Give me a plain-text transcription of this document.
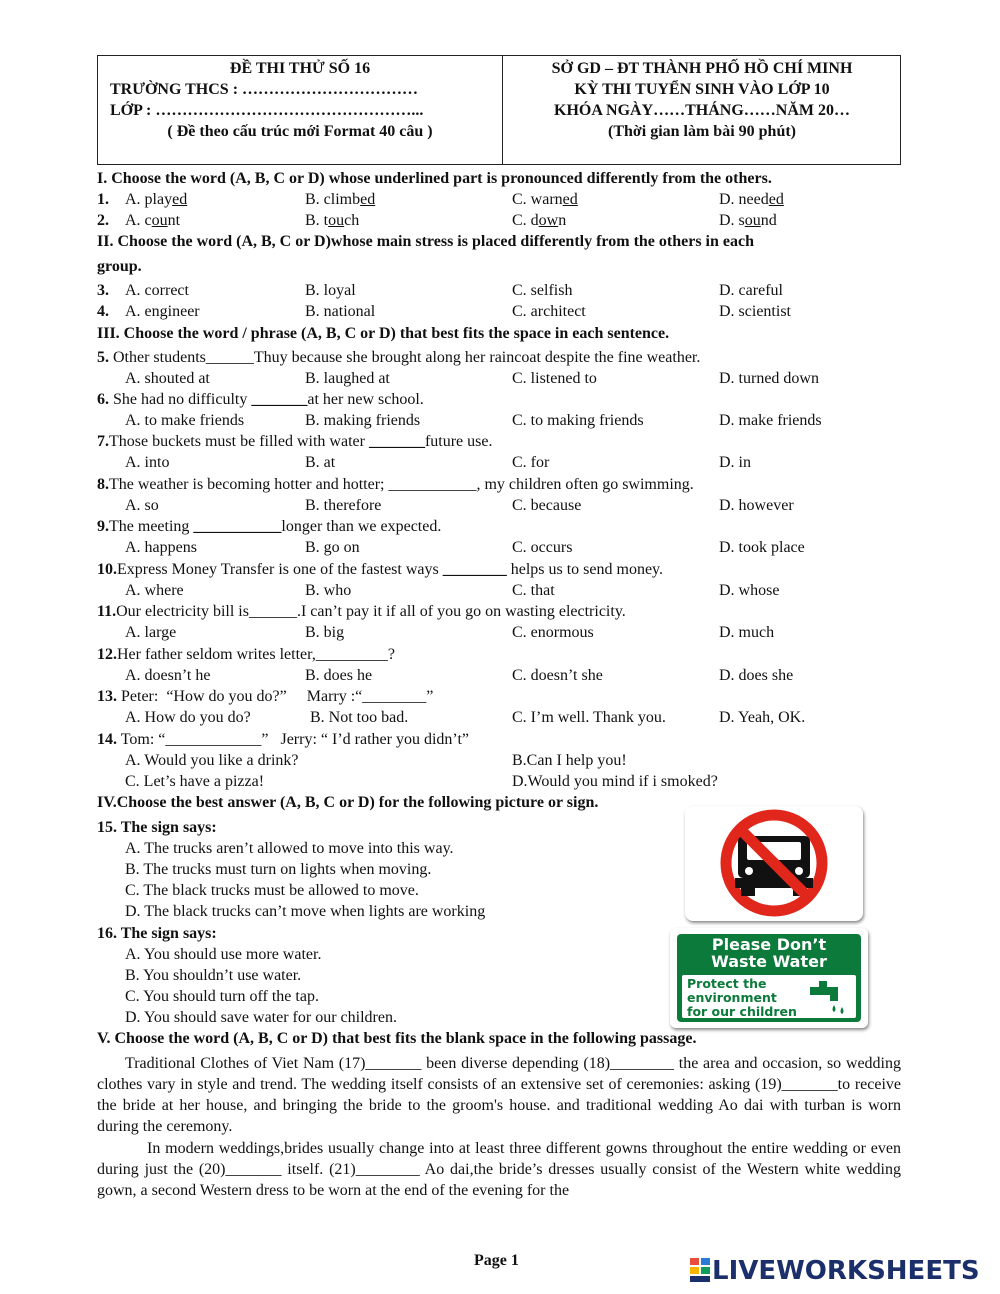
ĐỀ THI THỬ SỐ 16
TRƯỜNG THCS : ……………………………
LỚP : …………………………………………...
( Đề theo cấu trúc mới Format 40 câu )
SỞ GD – ĐT THÀNH PHỐ HỒ CHÍ MINH
KỲ THI TUYỂN SINH VÀO LỚP 10
KHÓA NGÀY……THÁNG……NĂM 20…
(Thời gian làm bài 90 phút)
I. Choose the word (A, B, C or D) whose underlined part is pronounced differently from the others.
1. A. played	B. climbed	C. warned	D. needed
2. A. count	B. touch	C. down	D. sound
II. Choose the word (A, B, C or D)whose main stress is placed differently from the others in each
group.
3. A. correct	B. loyal	C. selfish	D. careful
4. A. engineer	B. national	C. architect	D. scientist
III. Choose the word / phrase (A, B, C or D) that best fits the space in each sentence.
5. Other students______Thuy because she brought along her raincoat despite the fine weather.
A. shouted at	B. laughed at	C. listened to	D. turned down
6. She had no difficulty _______at her new school.
A. to make friends	B. making friends	C. to making friends	D. make friends
7.Those buckets must be filled with water _______future use.
A. into	B. at	C. for	D. in
8.The weather is becoming hotter and hotter; ___________, my children often go swimming.
A. so	B. therefore	C. because	D. however
9.The meeting ___________longer than we expected.
A. happens	B. go on	C. occurs	D. took place
10.Express Money Transfer is one of the fastest ways ________ helps us to send money.
A. where	B. who	C. that	D. whose
11.Our electricity bill is______.I can’t pay it if all of you go on wasting electricity.
A. large	B. big	C. enormous	D. much
12.Her father seldom writes letter,_________?
A. doesn’t he	B. does he	C. doesn’t she	D. does she
13. Peter:  “How do you do?”     Marry :“________”
A. How do you do?	B. Not too bad.	C. I’m well. Thank you.	D. Yeah, OK.
14. Tom: “____________”   Jerry: “ I’d rather you didn’t”
A. Would you like a drink?	B.Can I help you!
C. Let’s have a pizza!	D.Would you mind if i smoked?
IV.Choose the best answer (A, B, C or D) for the following picture or sign.
15. The sign says:
A. The trucks aren’t allowed to move into this way.
B. The trucks must turn on lights when moving.
C. The black trucks must be allowed to move.
D. The black trucks can’t move when lights are working
16. The sign says:
A. You should use more water.
B. You shouldn’t use water.
C. You should turn off the tap.
D. You should save water for our children.
Please Don’t
Waste Water
Protect the
environment
for our children
V. Choose the word (A, B, C or D) that best fits the blank space in the following passage.
Traditional Clothes of Viet Nam (17)_______ been diverse depending (18)________ the area and occasion, so wedding clothes vary in style and trend. The wedding itself consists of an extensive set of ceremonies: asking (19)_______to receive the bride at her house, and bringing the bride to the groom's house. and traditional wedding Ao dai with turban is worn during the ceremony.
In modern weddings,brides usually change into at least three different gowns throughout the entire wedding or even during just the (20)_______ itself. (21)________ Ao dai,the bride’s dresses usually consist of the Western white wedding gown, a second Western dress to be worn at the end of the evening for the
Page 1	LIVEWORKSHEETS
